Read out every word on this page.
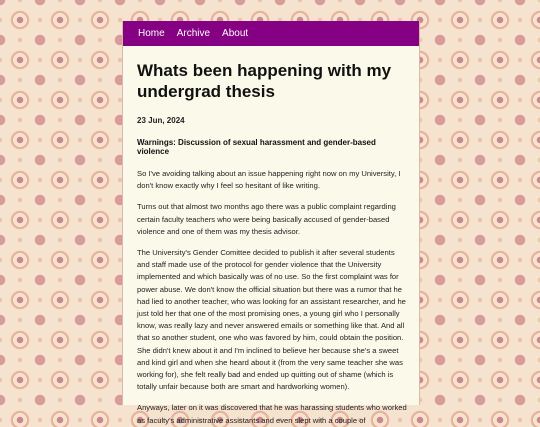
Home Archive About
Whats been happening with my undergrad thesis

23 Jun, 2024

Warnings: Discussion of sexual harassment and gender-based violence

So I've avoiding talking about an issue happening right now on my University, I don't know exactly why I feel so hesitant of like writing.

Turns out that almost two months ago there was a public complaint regarding certain faculty teachers who were being basically accused of gender-based violence and one of them was my thesis advisor.

The University's Gender Comittee decided to publish it after several students and staff made use of the protocol for gender violence that the University implemented and which basically was of no use. So the first complaint was for power abuse. We don't know the official situation but there was a rumor that he had lied to another teacher, who was looking for an assistant researcher, and he just told her that one of the most promising ones, a young girl who I personally know, was really lazy and never answered emails or something like that. And all that so another student, one who was favored by him, could obtain the position. She didn't knew about it and I'm inclined to believe her because she's a sweet and kind girl and when she heard about it (from the very same teacher she was working for), she felt really bad and ended up quitting out of shame (which is totally unfair because both are smart and hardworking women).

Anyways, later on it was discovered that he was harassing students who worked as faculty's administrative assistants and even slept with a couple of
